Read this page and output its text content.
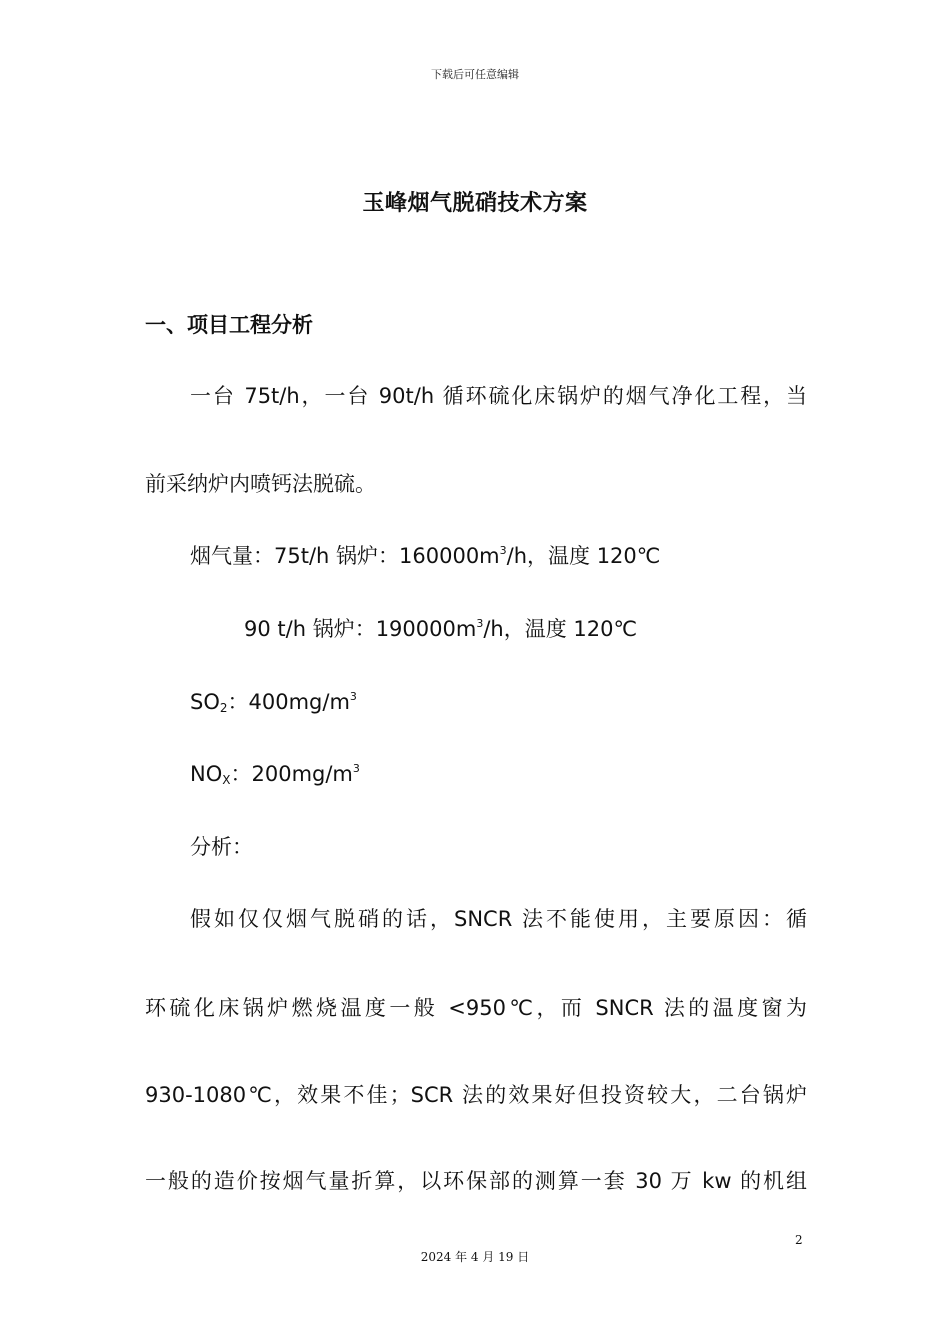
下载后可任意编辑
玉峰烟气脱硝技术方案
一、项目工程分析
一台 75t/h，一台 90t/h 循环硫化床锅炉的烟气净化工程，当
前采纳炉内喷钙法脱硫。
烟气量：75t/h 锅炉：$160000m^3/h$，温度 120℃
90 t/h 锅炉：$190000m^3/h$，温度 120℃
$SO_2$：$400mg/m^3$
$NO_X$：$200mg/m^3$
分析：
假如仅仅烟气脱硝的话，SNCR 法不能使用，主要原因：循
环硫化床锅炉燃烧温度一般 <950℃，而 SNCR 法的温度窗为
930-1080℃，效果不佳；SCR 法的效果好但投资较大，二台锅炉
一般的造价按烟气量折算，以环保部的测算一套 30 万 kw 的机组
2
2024 年 4 月 19 日
